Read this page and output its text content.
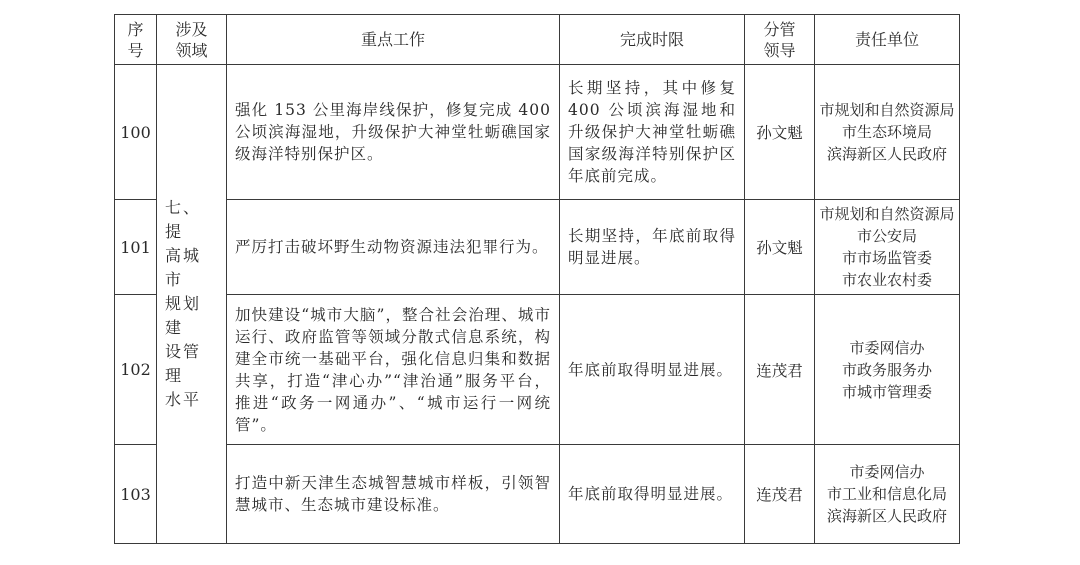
序
号	涉及
领域	重点工作	完成时限	分管
领导	责任单位
100	七、提
高城市
规划建
设管理
水平	强化 153 公里海岸线保护，修复完成 400 公顷滨海湿地，升级保护大神堂牡蛎礁国家级海洋特别保护区。	长期坚持，其中修复400 公顷滨海湿地和升级保护大神堂牡蛎礁国家级海洋特别保护区年底前完成。	孙文魁	市规划和自然资源局
市生态环境局
滨海新区人民政府

101		严厉打击破坏野生动物资源违法犯罪行为。	长期坚持，年底前取得明显进展。	孙文魁	市规划和自然资源局
市公安局
市市场监管委
市农业农村委

102		加快建设“城市大脑”，整合社会治理、城市运行、政府监管等领域分散式信息系统，构建全市统一基础平台，强化信息归集和数据共享，打造“津心办”“津治通”服务平台，推进“政务一网通办”、“城市运行一网统管”。	年底前取得明显进展。	连茂君	市委网信办
市政务服务办
市城市管理委

103		打造中新天津生态城智慧城市样板，引领智慧城市、生态城市建设标准。	年底前取得明显进展。	连茂君	市委网信办
市工业和信息化局
滨海新区人民政府
